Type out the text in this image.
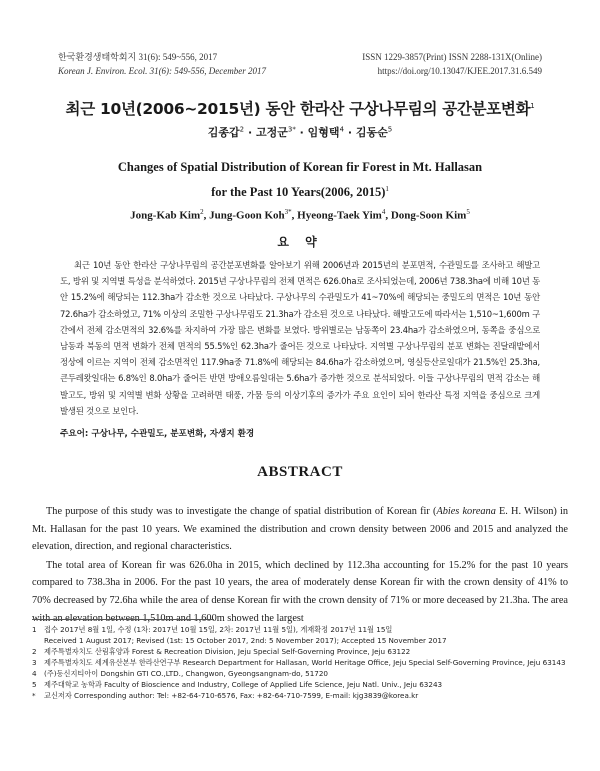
한국환경생태학회지 31(6): 549~556, 2017
Korean J. Environ. Ecol. 31(6): 549-556, December 2017
ISSN 1229-3857(Print) ISSN 2288-131X(Online)
https://doi.org/10.13047/KJEE.2017.31.6.549
최근 10년(2006~2015년) 동안 한라산 구상나무림의 공간분포변화$^1$
김종갑$^2$ · 고정군$^{3*}$ · 임형택$^4$ · 김동순$^5$
Changes of Spatial Distribution of Korean fir Forest in Mt. Hallasan
for the Past 10 Years(2006, 2015)$^1$
Jong-Kab Kim$^2$, Jung-Goon Koh$^{3*}$, Hyeong-Taek Yim$^4$, Dong-Soon Kim$^5$
요 약
최근 10년 동안 한라산 구상나무림의 공간분포변화를 알아보기 위해 2006년과 2015년의 분포면적, 수관밀도를 조사하고 해발고도, 방위 및 지역별 특성을 분석하였다. 2015년 구상나무림의 전체 면적은 626.0ha로 조사되었는데, 2006년 738.3ha에 비해 10년 동안 15.2%에 해당되는 112.3ha가 감소한 것으로 나타났다. 구상나무의 수관밀도가 41~70%에 해당되는 중밀도의 면적은 10년 동안 72.6ha가 감소하였고, 71% 이상의 조밀한 구상나무림도 21.3ha가 감소된 것으로 나타났다. 해발고도에 따라서는 1,510~1,600m 구간에서 전체 감소면적의 32.6%를 차지하여 가장 많은 변화를 보였다. 방위별로는 남동쪽이 23.4ha가 감소하였으며, 동쪽을 중심으로 남동과 북동의 면적 변화가 전체 면적의 55.5%인 62.3ha가 줄어든 것으로 나타났다. 지역별 구상나무림의 분포 변화는 진달래밭에서 정상에 이르는 지역이 전체 감소면적인 117.9ha중 71.8%에 해당되는 84.6ha가 감소하였으며, 영실등산로일대가 21.5%인 25.3ha, 큰두레왓일대는 6.8%인 8.0ha가 줄어든 반면 방애오름일대는 5.6ha가 증가한 것으로 분석되었다. 이들 구상나무림의 면적 감소는 해발고도, 방위 및 지역별 변화 상황을 고려하면 태풍, 가뭄 등의 이상기후의 증가가 주요 요인이 되어 한라산 특정 지역을 중심으로 크게 발생된 것으로 보인다.
주요어: 구상나무, 수관밀도, 분포변화, 자생지 환경
ABSTRACT

The purpose of this study was to investigate the change of spatial distribution of Korean fir (Abies koreana E. H. Wilson) in Mt. Hallasan for the past 10 years. We examined the distribution and crown density between 2006 and 2015 and analyzed the elevation, direction, and regional characteristics.

The total area of Korean fir was 626.0ha in 2015, which declined by 112.3ha accounting for 15.2% for the past 10 years compared to 738.3ha in 2006. For the past 10 years, the area of moderately dense Korean fir with the crown density of 41% to 70% decreased by 72.6ha while the area of dense Korean fir with the crown density of 71% or more deceased by 21.3ha. The area with an elevation between 1,510m and 1,600m showed the largest

1	접수 2017년 8월 1일, 수정 (1차: 2017년 10월 15일, 2차: 2017년 11월 5일), 게재확정 2017년 11월 15일
Received 1 August 2017; Revised (1st: 15 October 2017, 2nd: 5 November 2017); Accepted 15 November 2017
2	제주특별자치도 산림휴양과 Forest & Recreation Division, Jeju Special Self-Governing Province, Jeju 63122
3	제주특별자치도 세계유산본부 한라산연구부 Research Department for Hallasan, World Heritage Office, Jeju Special Self-Governing Province, Jeju 63143
4	(주)동신지티아이 Dongshin GTI CO.,LTD., Changwon, Gyeongsangnam-do, 51720
5	제주대학교 농학과 Faculty of Bioscience and Industry, College of Applied Life Science, Jeju Natl. Univ., Jeju 63243
*	교신저자 Corresponding author: Tel: +82-64-710-6576, Fax: +82-64-710-7599, E-mail: kjg3839@korea.kr
